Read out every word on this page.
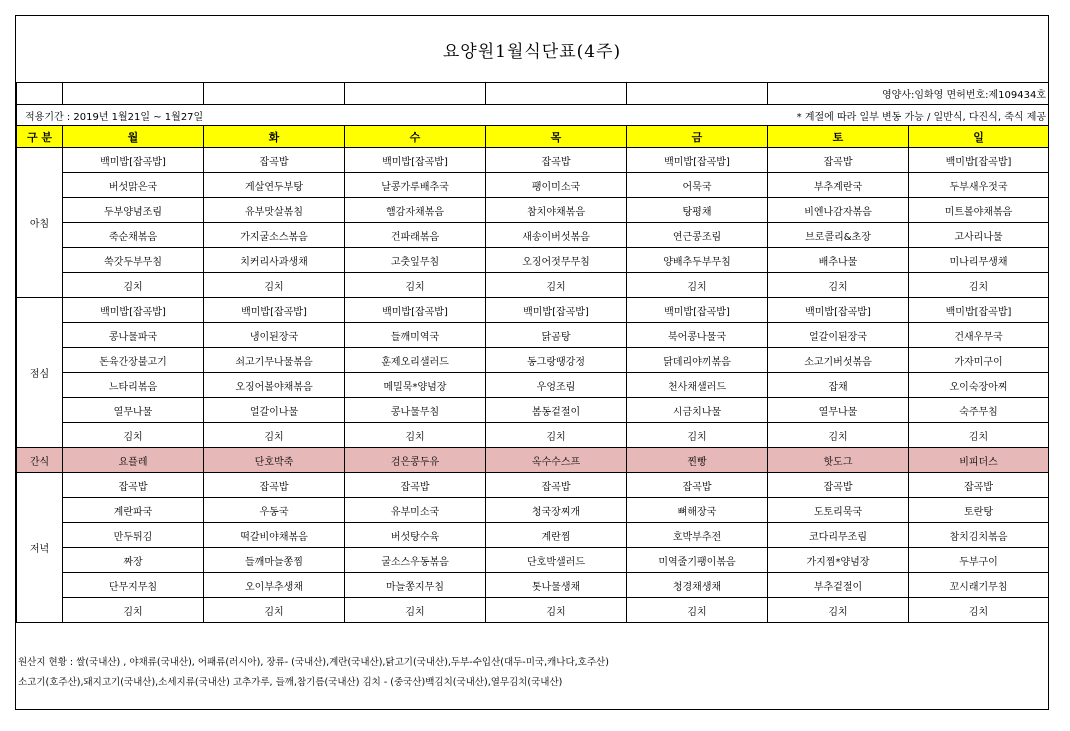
요양원1월식단표(4주)
						영양사:임화영 면허번호:제109434호	
적용기간 : 2019년 1월21일 ~ 1월27일					* 계절에 따라 일부 변동 가능 / 일반식, 다진식, 죽식 제공		
구 분	월	화	수	목	금	토	일
아침	백미밥[잡곡밥]	잡곡밥	백미밥[잡곡밥]	잡곡밥	백미밥[잡곡밥]	잡곡밥	백미밥[잡곡밥]
	버섯맑은국	게살연두부탕	날콩가루배추국	팽이미소국	어묵국	부추계란국	두부새우젓국
	두부양념조림	유부맛살볶침	햄감자채볶음	참치야채볶음	탕평채	비엔나감자볶음	미트볼야채볶음
	죽순채볶음	가지굴소스볶음	건파래볶음	새송이버섯볶음	연근콩조림	브로콜리&초장	고사리나물
	쑥갓두부무침	치커리사과생채	고춧잎무침	오징어젓무무침	양배추두부무침	배추나물	미나리무생채
	김치	김치	김치	김치	김치	김치	김치
점심	백미밥[잡곡밥]	백미밥[잡곡밥]	백미밥[잡곡밥]	백미밥[잡곡밥]	백미밥[잡곡밥]	백미밥[잡곡밥]	백미밥[잡곡밥]
	콩나물파국	냉이된장국	들깨미역국	닭곰탕	북어콩나물국	얼갈이된장국	건새우무국
	돈육간장불고기	쇠고기무나물볶음	훈제오리샐러드	동그랑땡강정	닭데리야끼볶음	소고기버섯볶음	가자미구이
	느타리볶음	오징어볼야채볶음	메밀묵*양념장	우엉조림	천사채샐러드	잡채	오이숙장아찌
	열무나물	얼갈이나물	콩나물무침	봄동겉절이	시금치나물	열무나물	숙주무침
	김치	김치	김치	김치	김치	김치	김치
간식	요플레	단호박죽	검은콩두유	옥수수스프	찐빵	핫도그	비피더스
저녁	잡곡밥	잡곡밥	잡곡밥	잡곡밥	잡곡밥	잡곡밥	잡곡밥
	계란파국	우동국	유부미소국	청국장찌개	뼈해장국	도토리묵국	토란탕
	만두튀김	떡갈비야채볶음	버섯탕수육	계란찜	호박부추전	코다리무조림	참치김치볶음
	짜장	들깨마늘쫑찜	굴소스우동볶음	단호박샐러드	미역줄기팽이볶음	가지찜*양념장	두부구이
	단무지무침	오이부추생채	마늘쫑지무침	톳나물생채	청경채생채	부추겉절이	꼬시래기무침
	김치	김치	김치	김치	김치	김치	김치
원산지 현황 : 쌀(국내산) , 야채류(국내산), 어패류(러시아), 장류- (국내산),계란(국내산),닭고기(국내산),두부-수입산(대두-미국,캐나다,호주산)
소고기(호주산),돼지고기(국내산),소세지류(국내산) 고추가루, 들깨,참기름(국내산) 김치 - (중국산)백김치(국내산),열무김치(국내산)
